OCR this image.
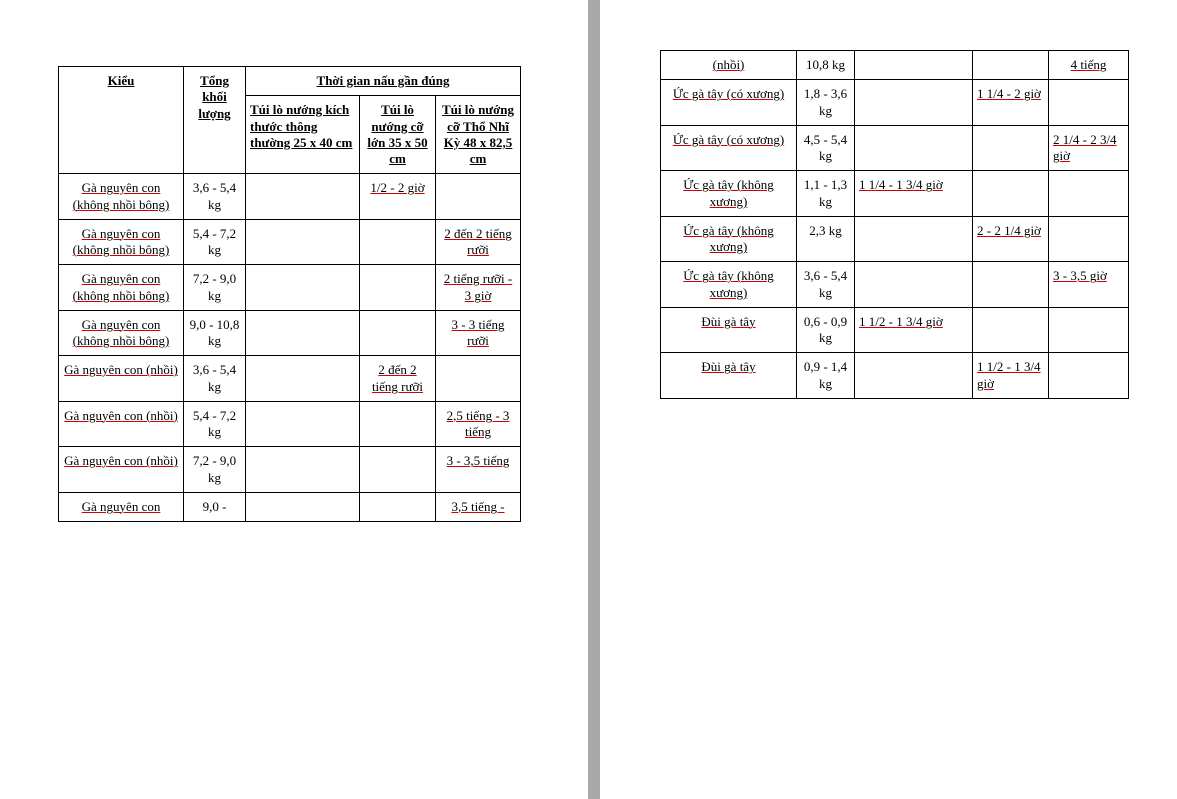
Kiểu	Tổng khối lượng	Thời gian nấu gần đúng		
		Túi lò nướng kích thước thông thường 25 x 40 cm	Túi lò nướng cỡ lớn 35 x 50 cm	Túi lò nướng cỡ Thổ Nhĩ Kỳ 48 x 82,5 cm
Gà nguyên con (không nhồi bông)	3,6 - 5,4 kg		1/2 - 2 giờ	
Gà nguyên con (không nhồi bông)	5,4 - 7,2 kg			2 đến 2 tiếng rưỡi
Gà nguyên con (không nhồi bông)	7,2 - 9,0 kg			2 tiếng rưỡi - 3 giờ
Gà nguyên con (không nhồi bông)	9,0 - 10,8 kg			3 - 3 tiếng rưỡi
Gà nguyên con (nhồi)	3,6 - 5,4 kg		2 đến 2 tiếng rưỡi	
Gà nguyên con (nhồi)	5,4 - 7,2 kg			2,5 tiếng - 3 tiếng
Gà nguyên con (nhồi)	7,2 - 9,0 kg			3 - 3,5 tiếng
Gà nguyên con	9,0 -			3,5 tiếng -
(nhồi)	10,8 kg			4 tiếng
Ức gà tây (có xương)	1,8 - 3,6 kg		1 1/4 - 2 giờ	
Ức gà tây (có xương)	4,5 - 5,4 kg			2 1/4 - 2 3/4 giờ
Ức gà tây (không xương)	1,1 - 1,3 kg	1 1/4 - 1 3/4 giờ		
Ức gà tây (không xương)	2,3 kg		2 - 2 1/4 giờ	
Ức gà tây (không xương)	3,6 - 5,4 kg			3 - 3,5 giờ
Đùi gà tây	0,6 - 0,9 kg	1 1/2 - 1 3/4 giờ		
Đùi gà tây	0,9 - 1,4 kg		1 1/2 - 1 3/4 giờ	
